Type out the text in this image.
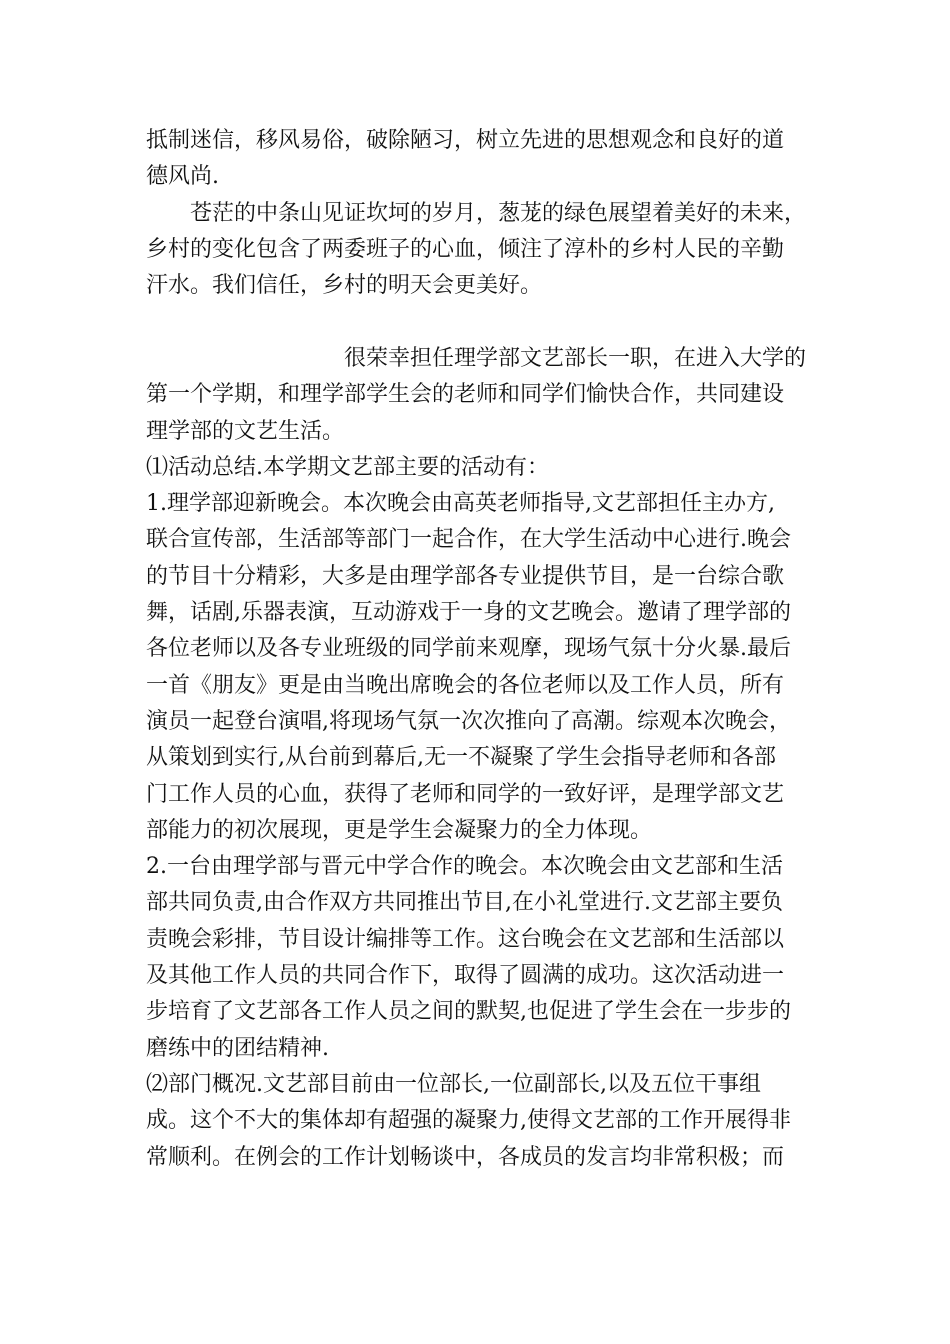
抵制迷信，移风易俗，破除陋习，树立先进的思想观念和良好的道

德风尚.

　　苍茫的中条山见证坎坷的岁月，葱茏的绿色展望着美好的未来，

乡村的变化包含了两委班子的心血，倾注了淳朴的乡村人民的辛勤

汗水。我们信任，乡村的明天会更美好。

　　　　　　　　　很荣幸担任理学部文艺部长一职，在进入大学的

第一个学期，和理学部学生会的老师和同学们愉快合作，共同建设

理学部的文艺生活。

⑴活动总结.本学期文艺部主要的活动有：

1.理学部迎新晚会。本次晚会由高英老师指导,文艺部担任主办方,

联合宣传部，生活部等部门一起合作，在大学生活动中心进行.晚会

的节目十分精彩，大多是由理学部各专业提供节目，是一台综合歌

舞，话剧,乐器表演，互动游戏于一身的文艺晚会。邀请了理学部的

各位老师以及各专业班级的同学前来观摩，现场气氛十分火暴.最后

一首《朋友》更是由当晚出席晚会的各位老师以及工作人员，所有

演员一起登台演唱,将现场气氛一次次推向了高潮。综观本次晚会，

从策划到实行,从台前到幕后,无一不凝聚了学生会指导老师和各部

门工作人员的心血，获得了老师和同学的一致好评，是理学部文艺

部能力的初次展现，更是学生会凝聚力的全力体现。

2.一台由理学部与晋元中学合作的晚会。本次晚会由文艺部和生活

部共同负责,由合作双方共同推出节目,在小礼堂进行.文艺部主要负

责晚会彩排，节目设计编排等工作。这台晚会在文艺部和生活部以

及其他工作人员的共同合作下，取得了圆满的成功。这次活动进一

步培育了文艺部各工作人员之间的默契,也促进了学生会在一步步的

磨练中的团结精神.

⑵部门概况.文艺部目前由一位部长,一位副部长,以及五位干事组

成。这个不大的集体却有超强的凝聚力,使得文艺部的工作开展得非

常顺利。在例会的工作计划畅谈中，各成员的发言均非常积极；而
